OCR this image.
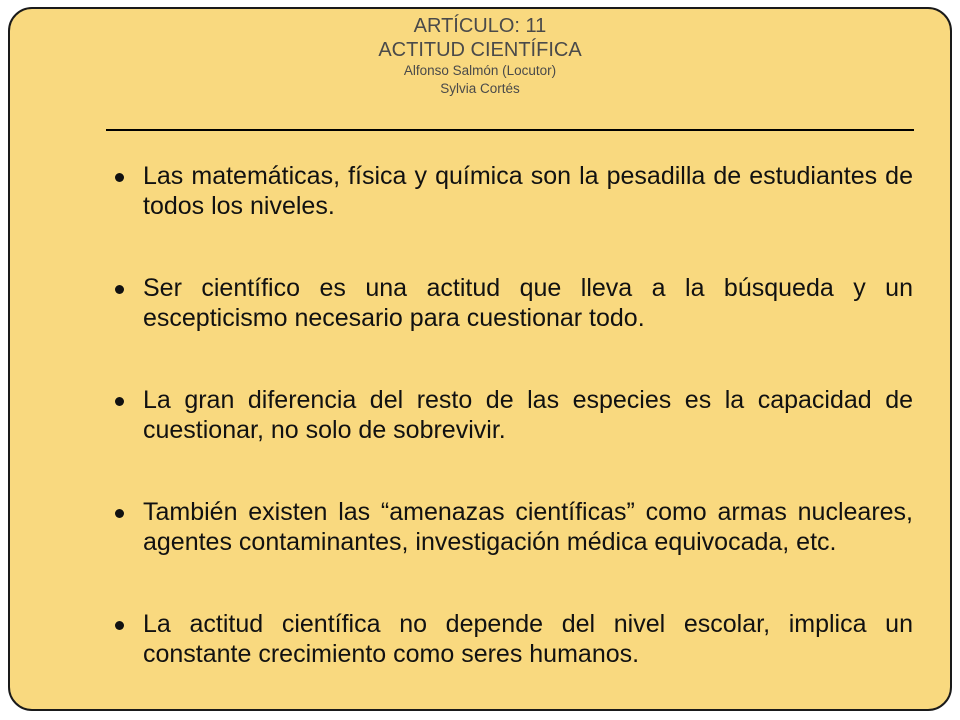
ARTÍCULO: 11
ACTITUD CIENTÍFICA
Alfonso Salmón (Locutor)
Sylvia Cortés
Las matemáticas, física y química son la pesadilla de estudiantes de todos los niveles.
Ser científico es una actitud que lleva a la búsqueda y un escepticismo necesario para cuestionar todo.
La gran diferencia del resto de las especies es la capacidad de cuestionar, no solo de sobrevivir.
También existen las “amenazas científicas” como armas nucleares, agentes contaminantes, investigación médica equivocada, etc.
La actitud científica no depende del nivel escolar, implica un constante crecimiento como seres humanos.
